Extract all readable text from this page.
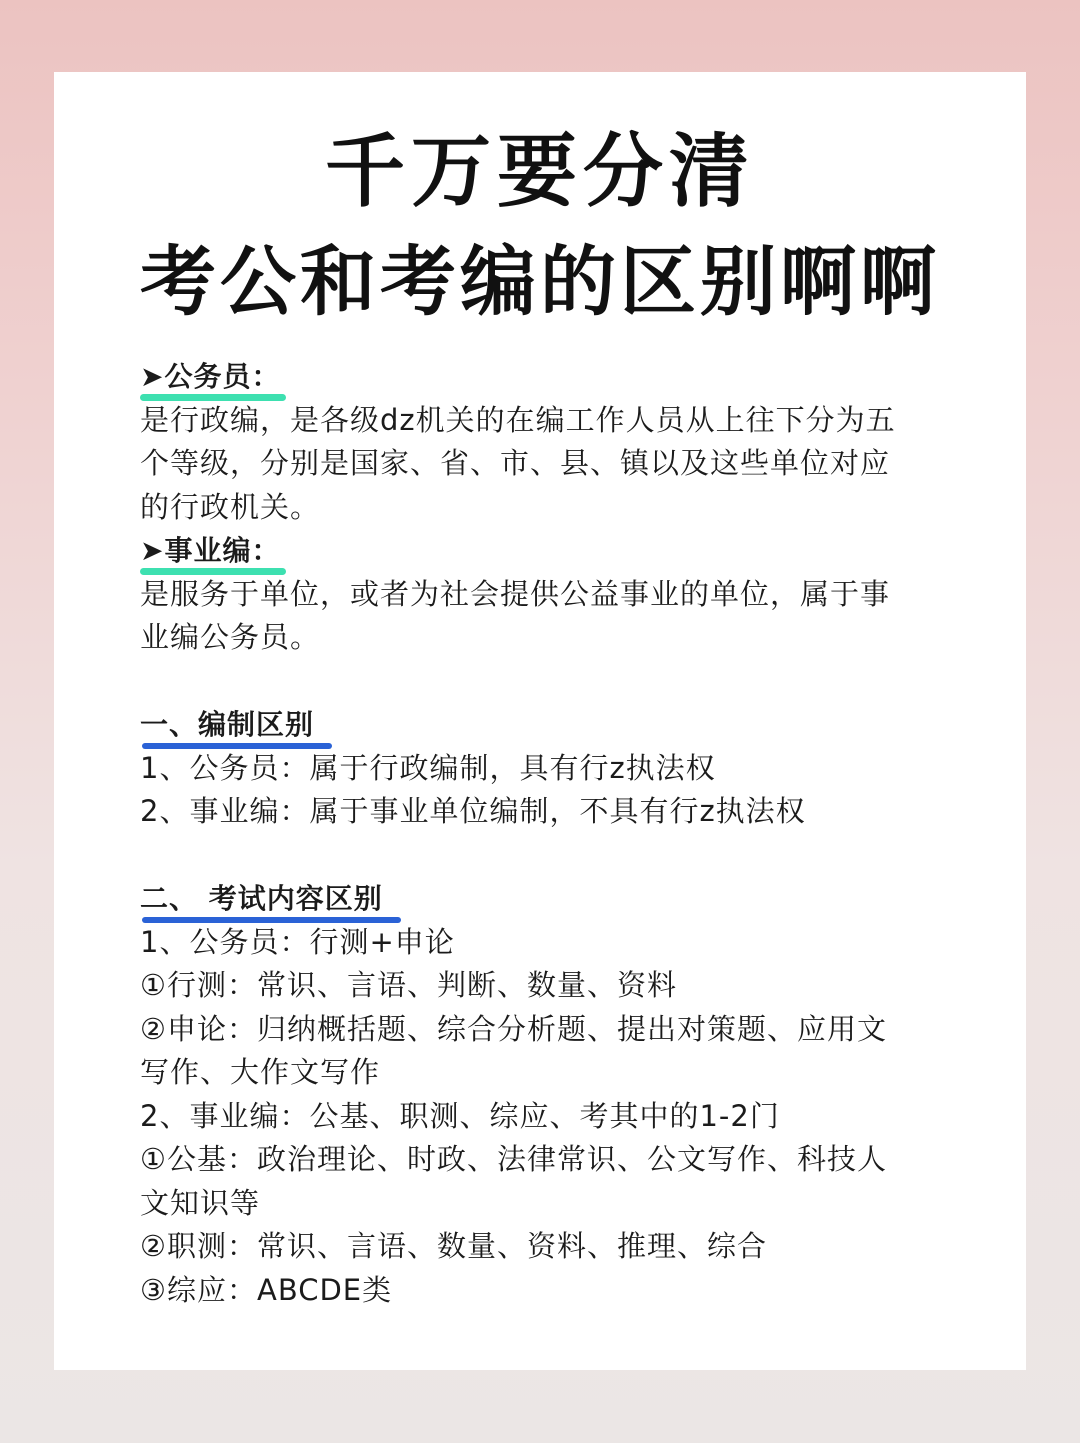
千万要分清
考公和考编的区别啊啊
➤公务员：

是行政编，是各级dz机关的在编工作人员从上往下分为五

个等级，分别是国家、省、市、县、镇以及这些单位对应

的行政机关。

➤事业编：

是服务于单位，或者为社会提供公益事业的单位，属于事

业编公务员。

一、编制区别

1、公务员：属于行政编制，具有行z执法权

2、事业编：属于事业单位编制，不具有行z执法权

二、 考试内容区别

1、公务员：行测+申论

①行测：常识、言语、判断、数量、资料

②申论：归纳概括题、综合分析题、提出对策题、应用文

写作、大作文写作

2、事业编：公基、职测、综应、考其中的1-2门

①公基：政治理论、时政、法律常识、公文写作、科技人

文知识等

②职测：常识、言语、数量、资料、推理、综合

③综应：ABCDE类
